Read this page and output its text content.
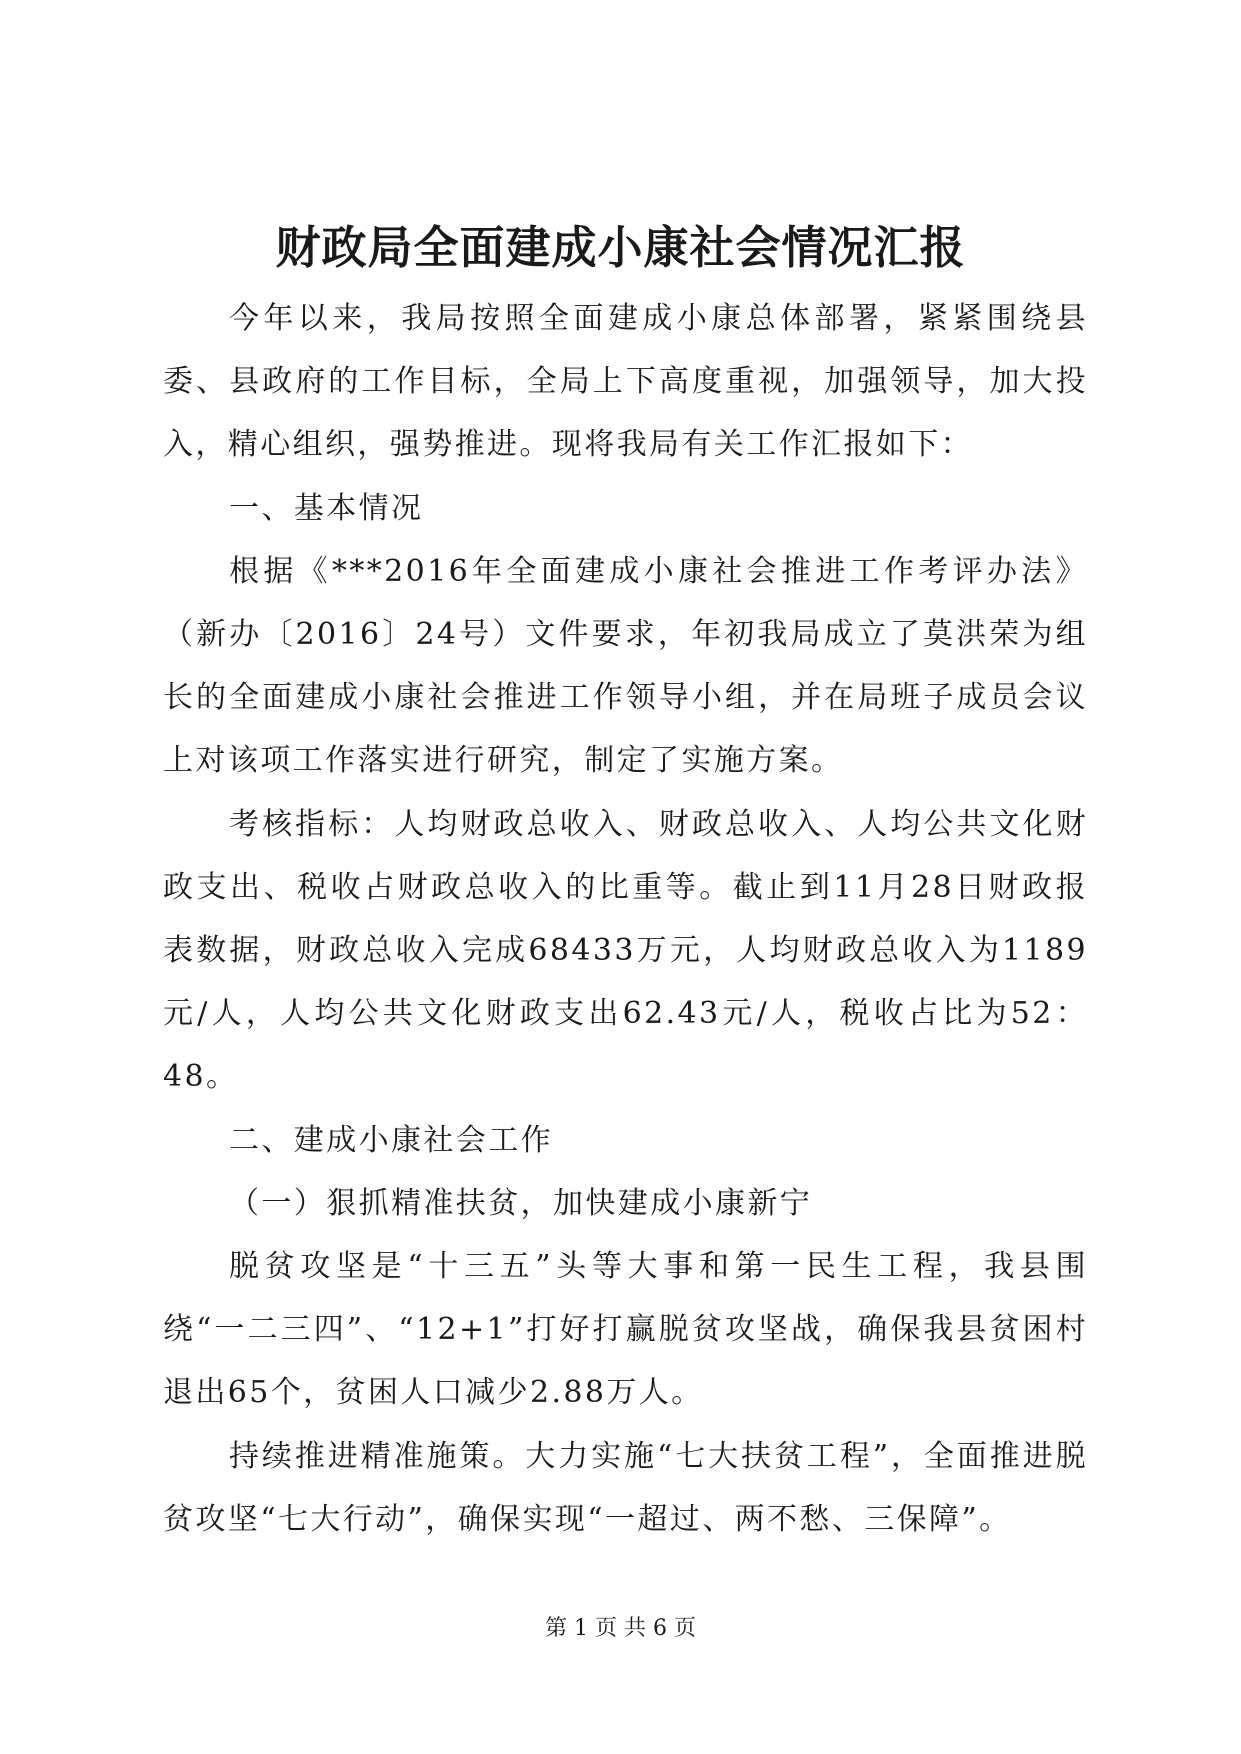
财政局全面建成小康社会情况汇报

今年以来，我局按照全面建成小康总体部署，紧紧围绕县委、县政府的工作目标，全局上下高度重视，加强领导，加大投入，精心组织，强势推进。现将我局有关工作汇报如下：

一、基本情况

根据《***2016年全面建成小康社会推进工作考评办法》（新办〔2016〕24号）文件要求，年初我局成立了莫洪荣为组长的全面建成小康社会推进工作领导小组，并在局班子成员会议上对该项工作落实进行研究，制定了实施方案。

考核指标：人均财政总收入、财政总收入、人均公共文化财政支出、税收占财政总收入的比重等。截止到11月28日财政报表数据，财政总收入完成68433万元，人均财政总收入为1189元/人，人均公共文化财政支出62.43元/人，税收占比为52：48。

二、建成小康社会工作

（一）狠抓精准扶贫，加快建成小康新宁

脱贫攻坚是“十三五”头等大事和第一民生工程，我县围绕“一二三四”、“12+1”打好打赢脱贫攻坚战，确保我县贫困村退出65个，贫困人口减少2.88万人。

持续推进精准施策。大力实施“七大扶贫工程”，全面推进脱贫攻坚“七大行动”，确保实现“一超过、两不愁、三保障”。

第 1 页 共 6 页
